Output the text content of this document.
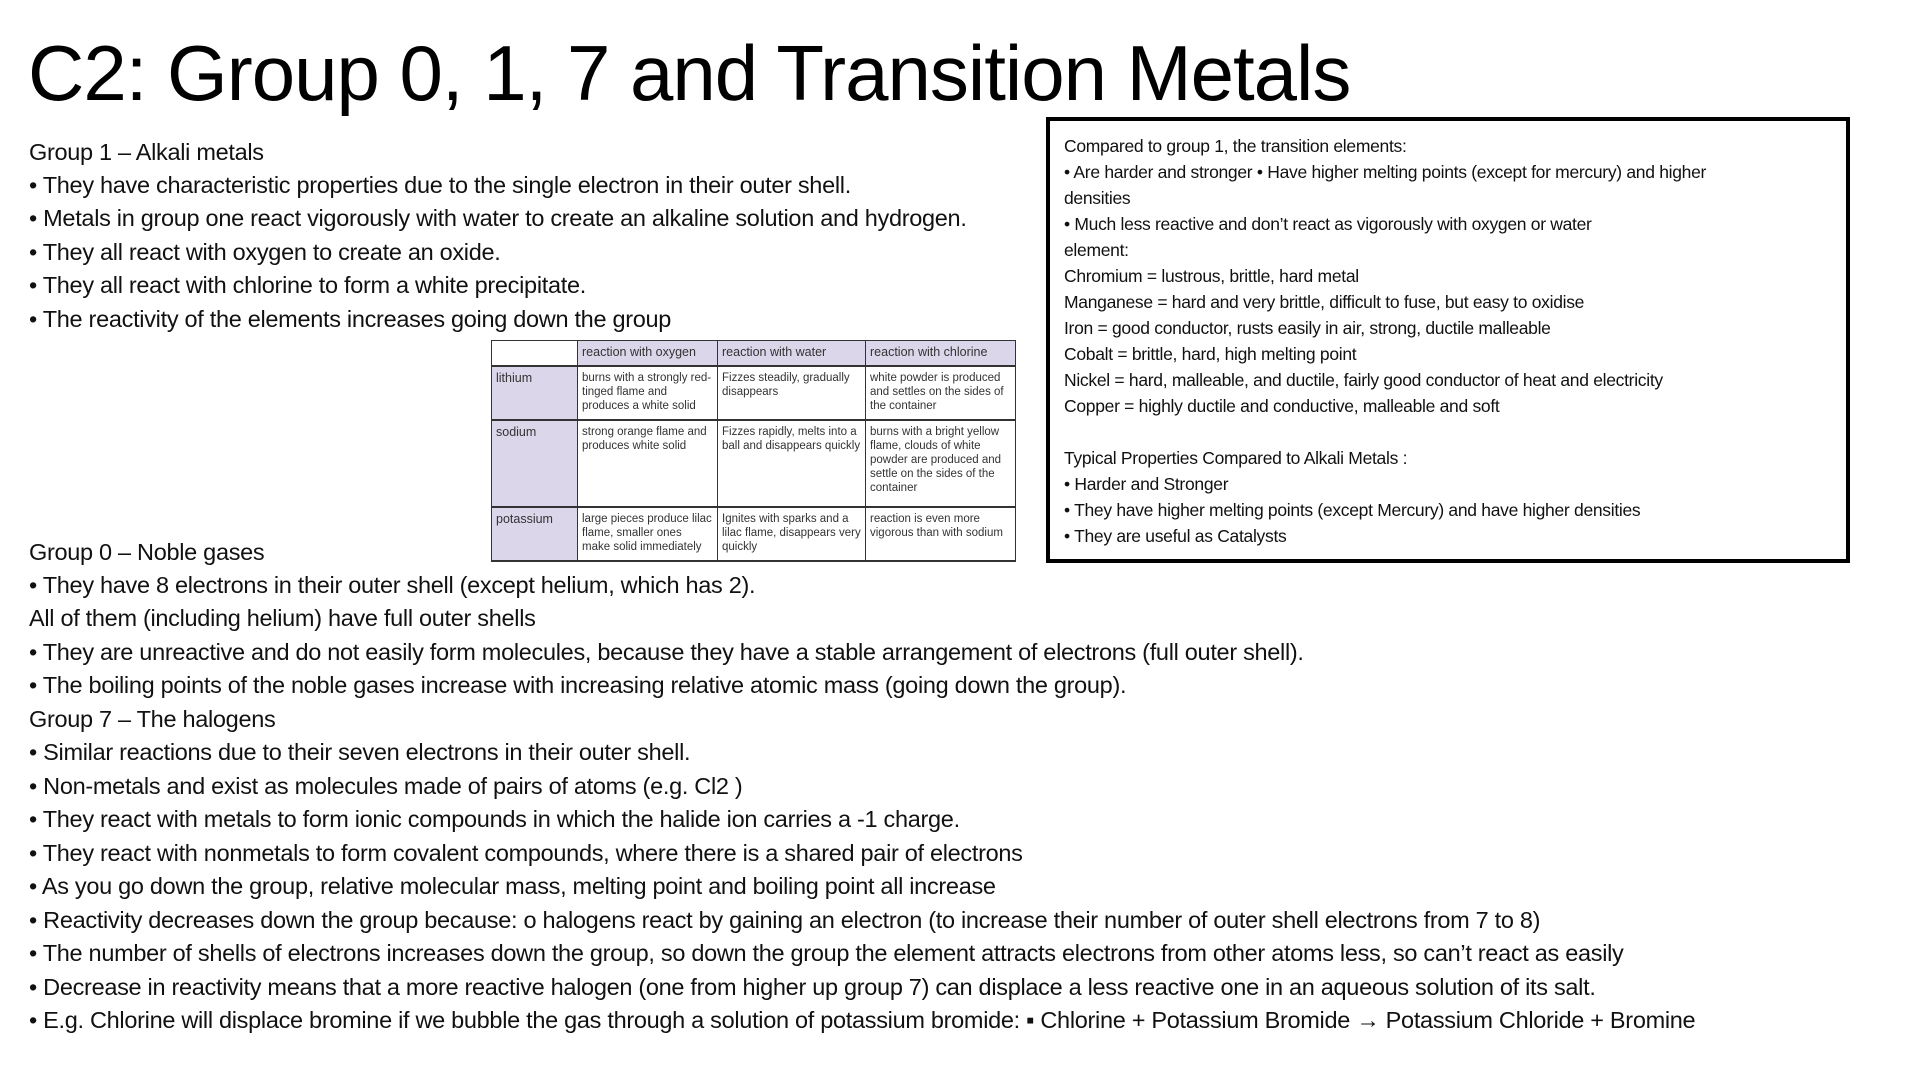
C2: Group 0, 1, 7 and Transition Metals
Group 1 – Alkali metals
• They have characteristic properties due to the single electron in their outer shell.
• Metals in group one react vigorously with water to create an alkaline solution and hydrogen.
• They all react with oxygen to create an oxide.
• They all react with chlorine to form a white precipitate.
• The reactivity of the elements increases going down the group
	reaction with oxygen	reaction with water	reaction with chlorine
lithium	burns with a strongly red-tinged flame and produces a white solid	Fizzes steadily, gradually disappears	white powder is produced and settles on the sides of the container
sodium	strong orange flame and produces white solid	Fizzes rapidly, melts into a ball and disappears quickly	burns with a bright yellow flame, clouds of white powder are produced and settle on the sides of the container
potassium	large pieces produce lilac flame, smaller ones make solid immediately	Ignites with sparks and a lilac flame, disappears very quickly	reaction is even more vigorous than with sodium
Compared to group 1, the transition elements:
• Are harder and stronger • Have higher melting points (except for mercury) and higher
densities
• Much less reactive and don’t react as vigorously with oxygen or water
element:
Chromium = lustrous, brittle, hard metal
Manganese = hard and very brittle, difficult to fuse, but easy to oxidise
Iron = good conductor, rusts easily in air, strong, ductile malleable
Cobalt = brittle, hard, high melting point
Nickel = hard, malleable, and ductile, fairly good conductor of heat and electricity
Copper = highly ductile and conductive, malleable and soft
Typical Properties Compared to Alkali Metals :
• Harder and Stronger
• They have higher melting points (except Mercury) and have higher densities
• They are useful as Catalysts
Group 0 – Noble gases
• They have 8 electrons in their outer shell (except helium, which has 2).
All of them (including helium) have full outer shells
• They are unreactive and do not easily form molecules, because they have a stable arrangement of electrons (full outer shell).
• The boiling points of the noble gases increase with increasing relative atomic mass (going down the group).
Group 7 – The halogens
• Similar reactions due to their seven electrons in their outer shell.
• Non-metals and exist as molecules made of pairs of atoms (e.g. Cl2 )
• They react with metals to form ionic compounds in which the halide ion carries a -1 charge.
• They react with nonmetals to form covalent compounds, where there is a shared pair of electrons
• As you go down the group, relative molecular mass, melting point and boiling point all increase
• Reactivity decreases down the group because: o halogens react by gaining an electron (to increase their number of outer shell electrons from 7 to 8)
• The number of shells of electrons increases down the group, so down the group the element attracts electrons from other atoms less, so can’t react as easily
• Decrease in reactivity means that a more reactive halogen (one from higher up group 7) can displace a less reactive one in an aqueous solution of its salt.
• E.g. Chlorine will displace bromine if we bubble the gas through a solution of potassium bromide: ▪ Chlorine + Potassium Bromide → Potassium Chloride + Bromine
